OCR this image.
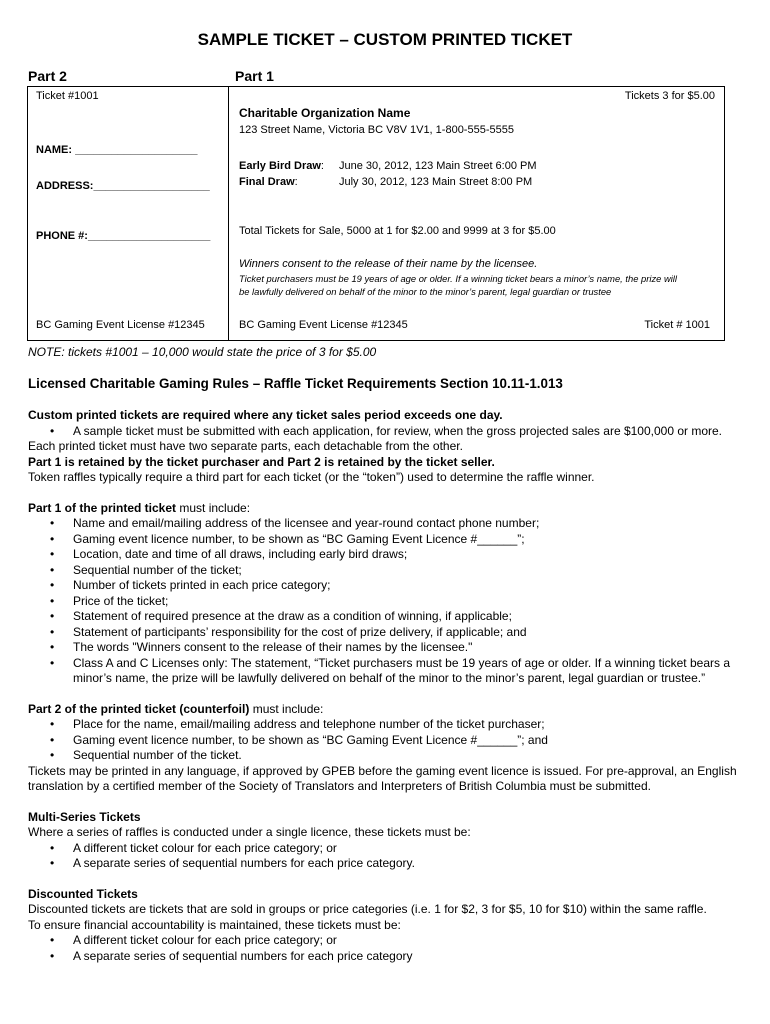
SAMPLE TICKET – CUSTOM PRINTED TICKET
Part 2	Part 1
Ticket #1001
NAME: ____________________
ADDRESS:___________________
PHONE #:____________________
BC Gaming Event License #12345
Tickets 3 for $5.00
Charitable Organization Name
123 Street Name, Victoria BC V8V 1V1, 1-800-555-5555
Early Bird Draw: June 30, 2012, 123 Main Street 6:00 PM
Final Draw:	July 30, 2012, 123 Main Street 8:00 PM
Total Tickets for Sale, 5000 at 1 for $2.00 and 9999 at 3 for $5.00
Winners consent to the release of their name by the licensee.
Ticket purchasers must be 19 years of age or older. If a winning ticket bears a minor’s name, the prize will
be lawfully delivered on behalf of the minor to the minor’s parent, legal guardian or trustee
BC Gaming Event License #12345	Ticket # 1001
NOTE: tickets #1001 – 10,000 would state the price of 3 for $5.00
Licensed Charitable Gaming Rules – Raffle Ticket Requirements Section 10.11-1.013

Custom printed tickets are required where any ticket sales period exceeds one day.

• A sample ticket must be submitted with each application, for review, when the gross projected sales are $100,000 or more.

Each printed ticket must have two separate parts, each detachable from the other.

Part 1 is retained by the ticket purchaser and Part 2 is retained by the ticket seller.

Token raffles typically require a third part for each ticket (or the “token”) used to determine the raffle winner.

Part 1 of the printed ticket must include:

• Name and email/mailing address of the licensee and year-round contact phone number;
• Gaming event licence number, to be shown as “BC Gaming Event Licence #______”;
• Location, date and time of all draws, including early bird draws;
• Sequential number of the ticket;
• Number of tickets printed in each price category;
• Price of the ticket;
• Statement of required presence at the draw as a condition of winning, if applicable;
• Statement of participants’ responsibility for the cost of prize delivery, if applicable; and
• The words "Winners consent to the release of their names by the licensee."
• Class A and C Licenses only: The statement, “Ticket purchasers must be 19 years of age or older. If a winning ticket bears a minor’s name, the prize will be lawfully delivered on behalf of the minor to the minor’s parent, legal guardian or trustee.”

Part 2 of the printed ticket (counterfoil) must include:

• Place for the name, email/mailing address and telephone number of the ticket purchaser;
• Gaming event licence number, to be shown as “BC Gaming Event Licence #______”; and
• Sequential number of the ticket.

Tickets may be printed in any language, if approved by GPEB before the gaming event licence is issued. For pre-approval, an English translation by a certified member of the Society of Translators and Interpreters of British Columbia must be submitted.

Multi-Series Tickets

Where a series of raffles is conducted under a single licence, these tickets must be:

• A different ticket colour for each price category; or
• A separate series of sequential numbers for each price category.

Discounted Tickets

Discounted tickets are tickets that are sold in groups or price categories (i.e. 1 for $2, 3 for $5, 10 for $10) within the same raffle.

To ensure financial accountability is maintained, these tickets must be:

• A different ticket colour for each price category; or
• A separate series of sequential numbers for each price category
